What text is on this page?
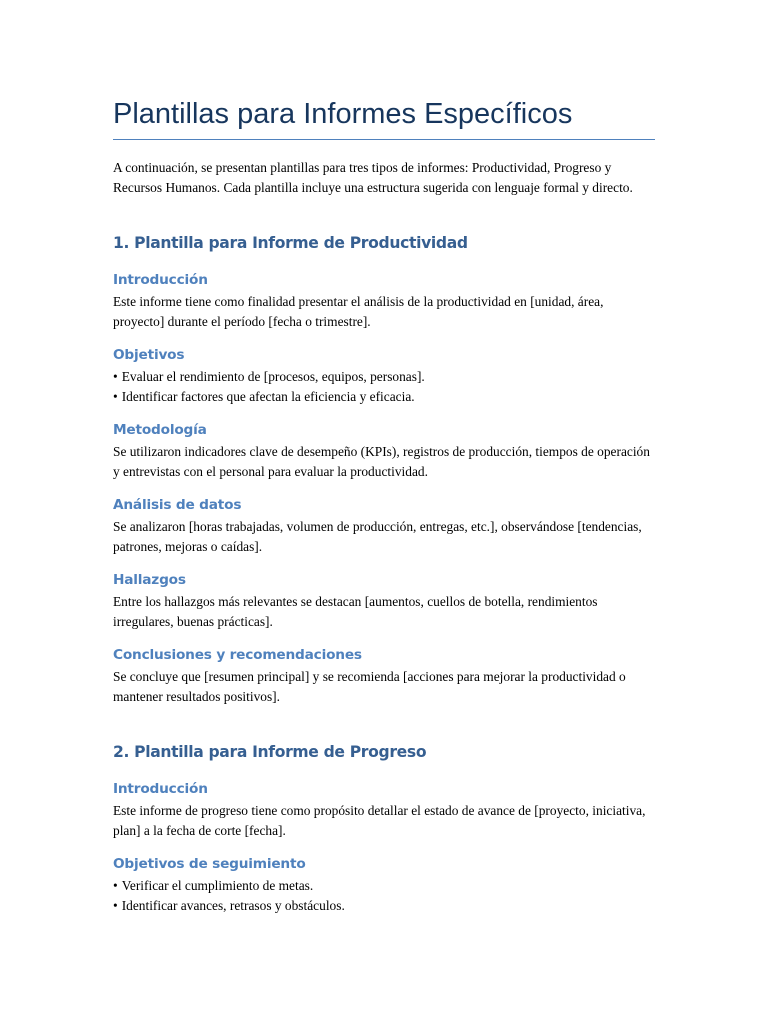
Plantillas para Informes Específicos

A continuación, se presentan plantillas para tres tipos de informes: Productividad, Progreso y Recursos Humanos. Cada plantilla incluye una estructura sugerida con lenguaje formal y directo.

1. Plantilla para Informe de Productividad
Introducción

Este informe tiene como finalidad presentar el análisis de la productividad en [unidad, área, proyecto] durante el período [fecha o trimestre].

Objetivos
• Evaluar el rendimiento de [procesos, equipos, personas].
• Identificar factores que afectan la eficiencia y eficacia.
Metodología

Se utilizaron indicadores clave de desempeño (KPIs), registros de producción, tiempos de operación y entrevistas con el personal para evaluar la productividad.

Análisis de datos

Se analizaron [horas trabajadas, volumen de producción, entregas, etc.], observándose [tendencias, patrones, mejoras o caídas].

Hallazgos

Entre los hallazgos más relevantes se destacan [aumentos, cuellos de botella, rendimientos irregulares, buenas prácticas].

Conclusiones y recomendaciones

Se concluye que [resumen principal] y se recomienda [acciones para mejorar la productividad o mantener resultados positivos].

2. Plantilla para Informe de Progreso
Introducción

Este informe de progreso tiene como propósito detallar el estado de avance de [proyecto, iniciativa, plan] a la fecha de corte [fecha].

Objetivos de seguimiento
• Verificar el cumplimiento de metas.
• Identificar avances, retrasos y obstáculos.
